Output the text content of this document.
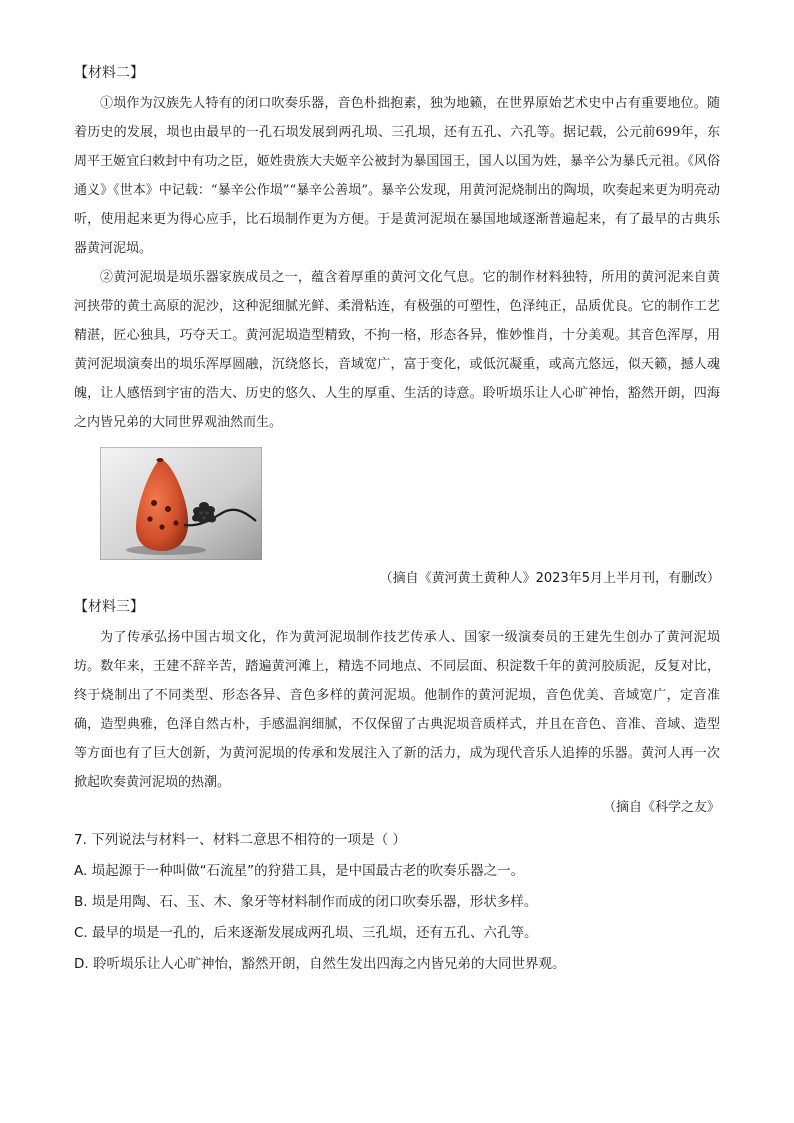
【材料二】

①埙作为汉族先人特有的闭口吹奏乐器，音色朴拙抱素，独为地籁，在世界原始艺术史中占有重要地位。随着历史的发展，埙也由最早的一孔石埙发展到两孔埙、三孔埙，还有五孔、六孔等。据记载，公元前699年，东周平王姬宜臼敕封中有功之臣，姬姓贵族大夫姬辛公被封为暴国国王，国人以国为姓，暴辛公为暴氏元祖。《风俗通义》《世本》中记载：“暴辛公作埙”“暴辛公善埙”。暴辛公发现，用黄河泥烧制出的陶埙，吹奏起来更为明亮动听，使用起来更为得心应手，比石埙制作更为方便。于是黄河泥埙在暴国地域逐渐普遍起来，有了最早的古典乐器黄河泥埙。

②黄河泥埙是埙乐器家族成员之一，蕴含着厚重的黄河文化气息。它的制作材料独特，所用的黄河泥来自黄河挟带的黄土高原的泥沙，这种泥细腻光鲜、柔滑粘连，有极强的可塑性，色泽纯正，品质优良。它的制作工艺精湛，匠心独具，巧夺天工。黄河泥埙造型精致，不拘一格，形态各异，惟妙惟肖，十分美观。其音色浑厚，用黄河泥埙演奏出的埙乐浑厚圆融，沉绕悠长，音域宽广，富于变化，或低沉凝重，或高亢悠远，似天籁，撼人魂魄，让人感悟到宇宙的浩大、历史的悠久、人生的厚重、生活的诗意。聆听埙乐让人心旷神怡，豁然开朗，四海之内皆兄弟的大同世界观油然而生。

（摘自《黄河黄土黄种人》2023年5月上半月刊，有删改）

【材料三】

为了传承弘扬中国古埙文化，作为黄河泥埙制作技艺传承人、国家一级演奏员的王建先生创办了黄河泥埙坊。数年来，王建不辞辛苦，踏遍黄河滩上，精选不同地点、不同层面、积淀数千年的黄河胶质泥，反复对比，终于烧制出了不同类型、形态各异、音色多样的黄河泥埙。他制作的黄河泥埙，音色优美、音域宽广，定音准确，造型典雅，色泽自然古朴，手感温润细腻，不仅保留了古典泥埙音质样式，并且在音色、音准、音域、造型等方面也有了巨大创新，为黄河泥埙的传承和发展注入了新的活力，成为现代音乐人追捧的乐器。黄河人再一次掀起吹奏黄河泥埙的热潮。

（摘自《科学之友》

7. 下列说法与材料一、材料二意思不相符的一项是（ ）

A. 埙起源于一种叫做“石流星”的狩猎工具，是中国最古老的吹奏乐器之一。

B. 埙是用陶、石、玉、木、象牙等材料制作而成的闭口吹奏乐器，形状多样。

C. 最早的埙是一孔的，后来逐渐发展成两孔埙、三孔埙，还有五孔、六孔等。

D. 聆听埙乐让人心旷神怡，豁然开朗，自然生发出四海之内皆兄弟的大同世界观。
